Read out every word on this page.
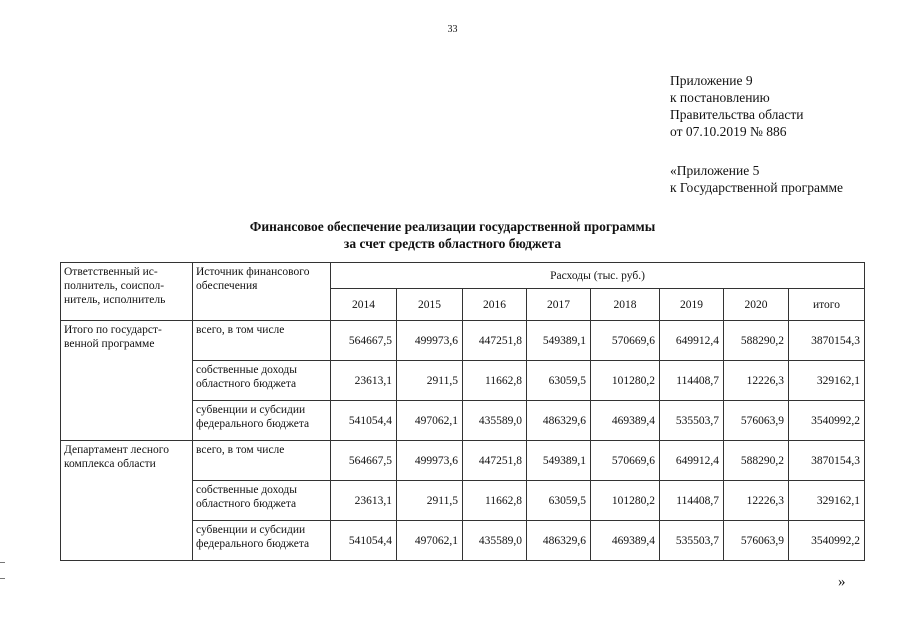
33
Приложение 9
к постановлению
Правительства области
от 07.10.2019 № 886
«Приложение 5
к Государственной программе
Финансовое обеспечение реализации государственной программы
за счет средств областного бюджета
Ответственный ис-полнитель, соиспол-нитель, исполнитель	Источник финансового обеспечения	Расходы (тыс. руб.)							
		2014	2015	2016	2017	2018	2019	2020	итого
Итого по государст-венной программе	всего, в том числе	564667,5	499973,6	447251,8	549389,1	570669,6	649912,4	588290,2	3870154,3
	собственные доходы областного бюджета	23613,1	2911,5	11662,8	63059,5	101280,2	114408,7	12226,3	329162,1
	субвенции и субсидии федерального бюджета	541054,4	497062,1	435589,0	486329,6	469389,4	535503,7	576063,9	3540992,2
Департамент лесного комплекса области	всего, в том числе	564667,5	499973,6	447251,8	549389,1	570669,6	649912,4	588290,2	3870154,3
	собственные доходы областного бюджета	23613,1	2911,5	11662,8	63059,5	101280,2	114408,7	12226,3	329162,1
	субвенции и субсидии федерального бюджета	541054,4	497062,1	435589,0	486329,6	469389,4	535503,7	576063,9	3540992,2
»
